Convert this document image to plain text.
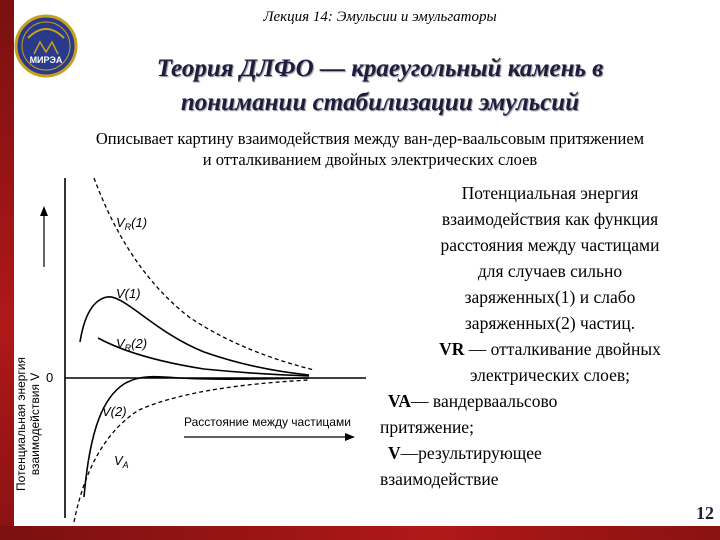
МИРЭА
Лекция 14: Эмульсии и эмульгаторы
Теория ДЛФО — краеугольный камень в
понимании стабилизации эмульсий
Описывает картину взаимодействия между ван-дер-ваальсовым притяжением
и отталкиванием двойных электрических слоев
Потенциальная энергия взаимодействия V 0
Расстояние между частицами
$V_R(1)$
V(1)
$V_R(2)$
V(2)
$V_A$
Потенциальная энергия
взаимодействия как функция
расстояния между частицами
для случаев сильно
заряженных(1) и слабо
заряженных(2) частиц.
VR — отталкивание двойных
электрических слоев;
VA— вандерваальсово
притяжение;
V—результирующее
взаимодействие
12
